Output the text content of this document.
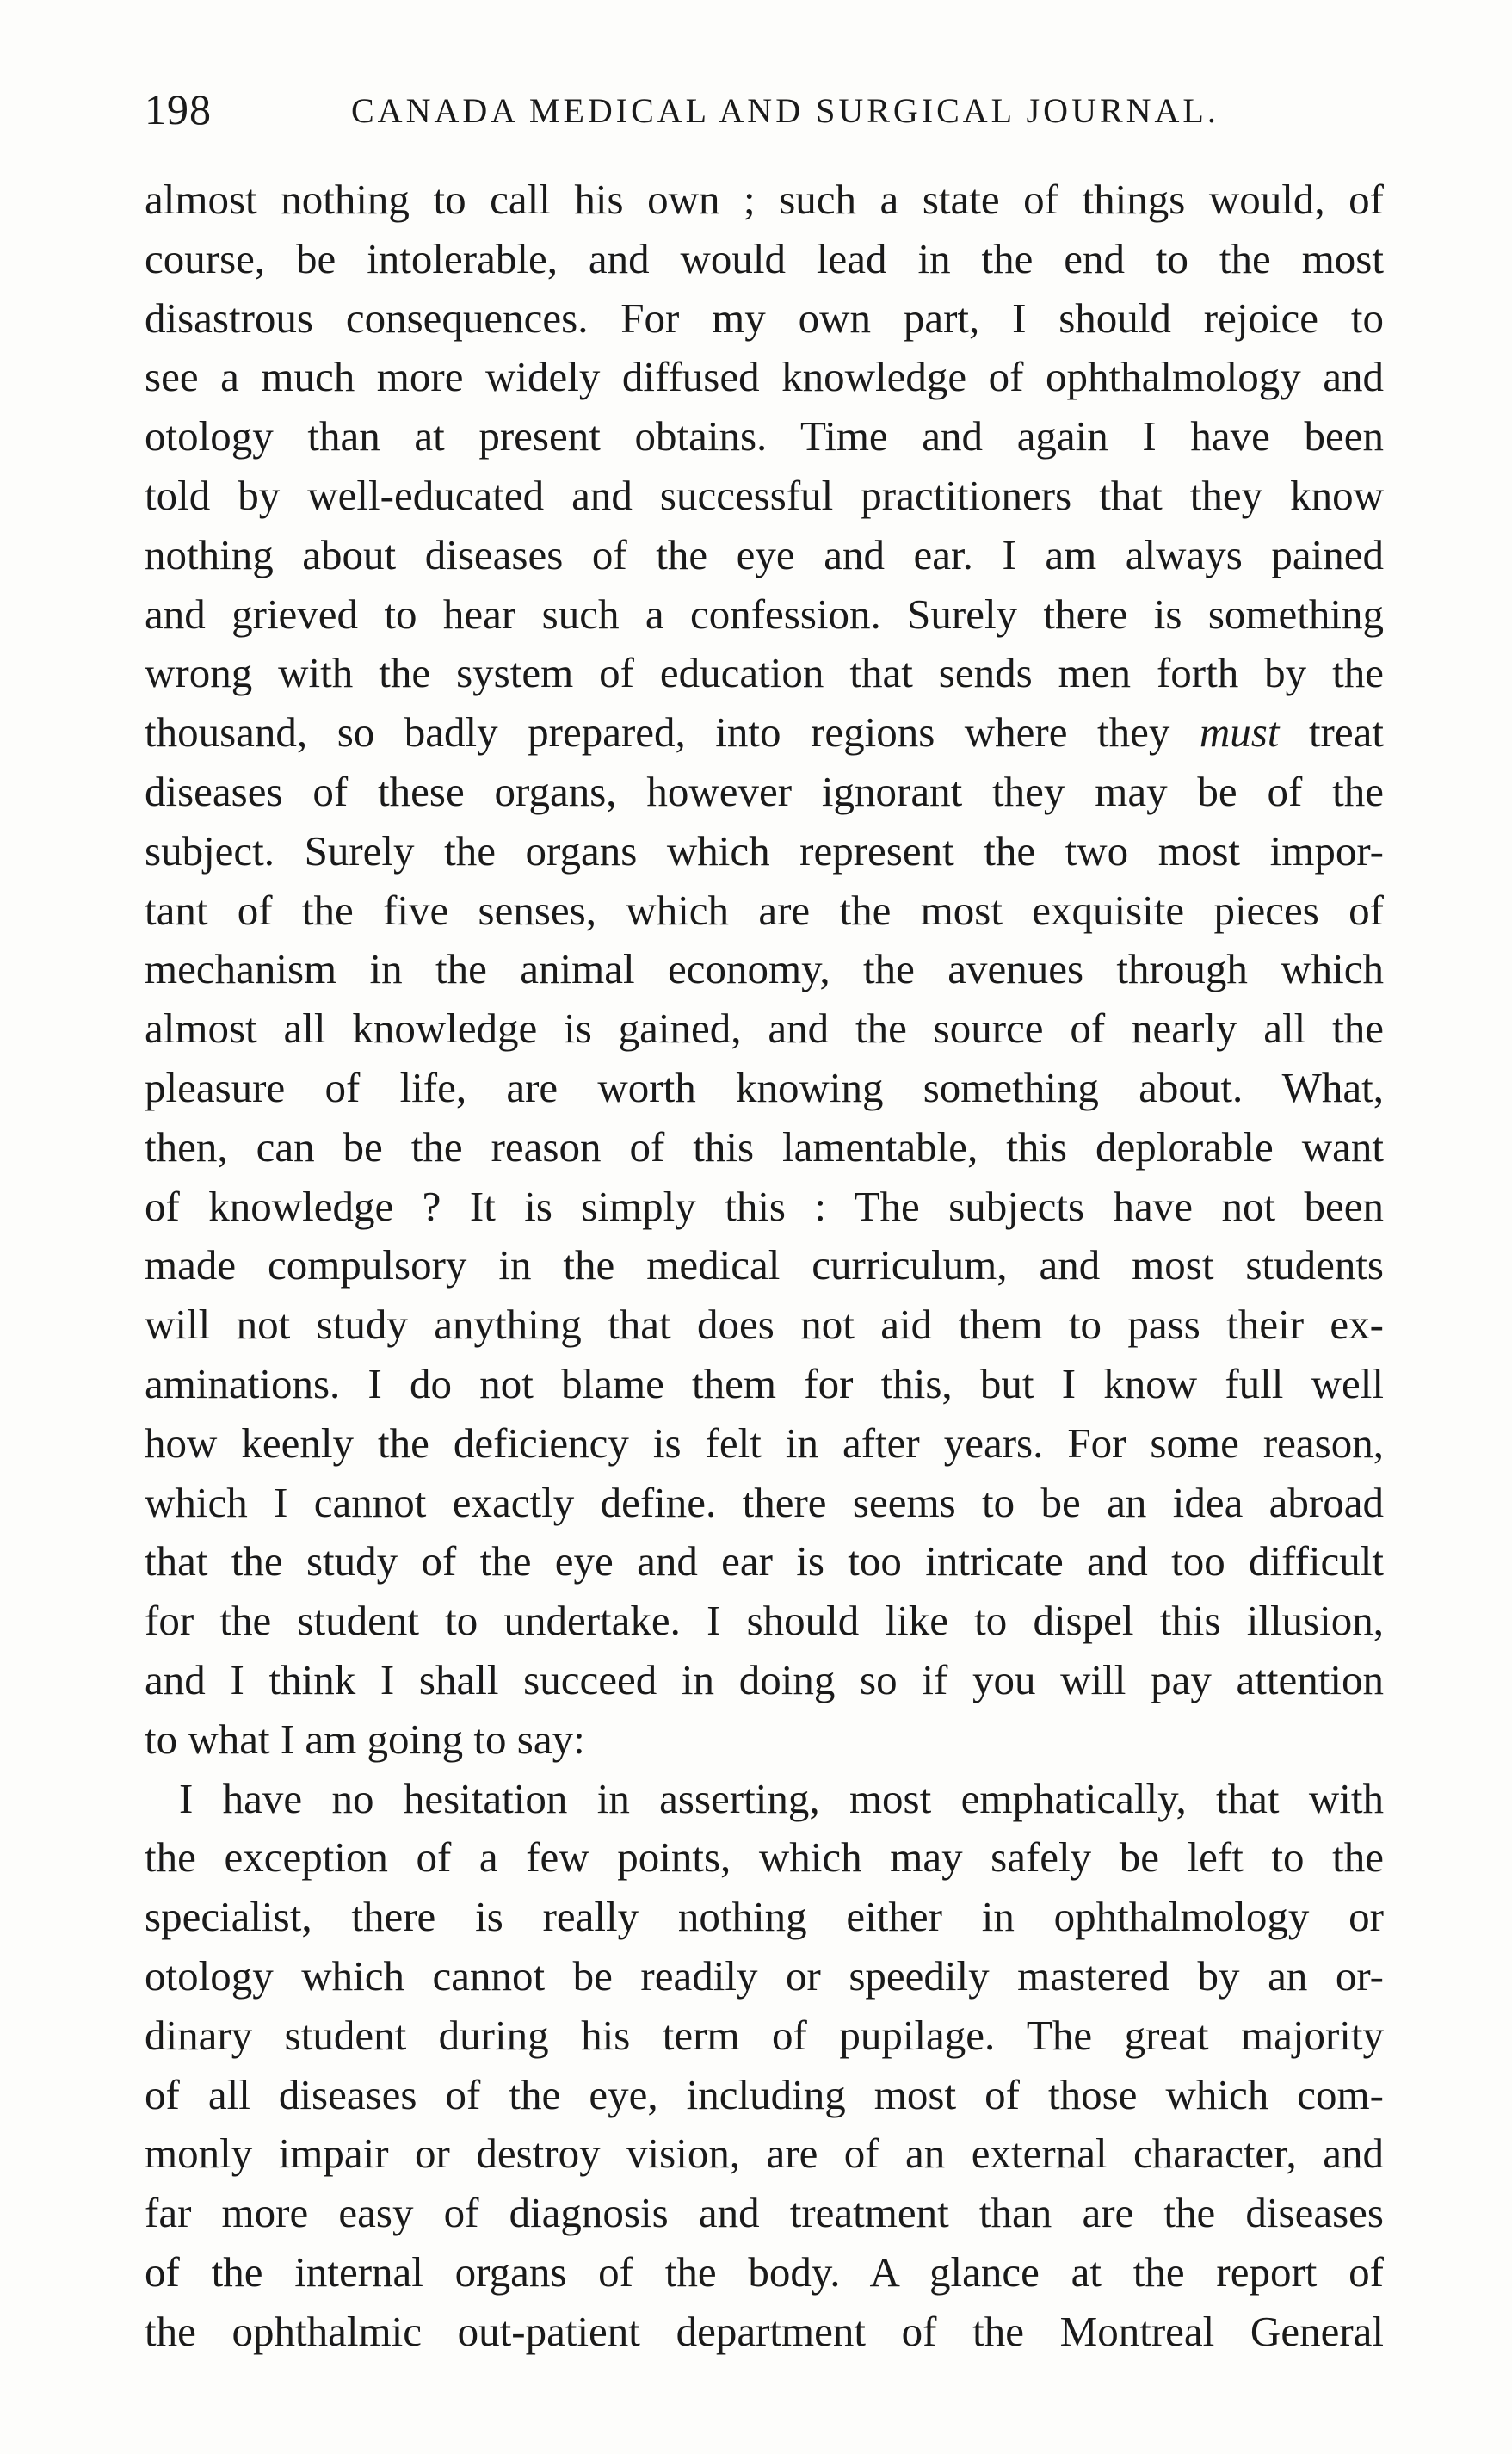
198	CANADA MEDICAL AND SURGICAL JOURNAL.
almost nothing to call his own ; such a state of things would, of
course, be intolerable, and would lead in the end to the most
disastrous consequences. For my own part, I should rejoice to
see a much more widely diffused knowledge of ophthalmology and
otology than at present obtains. Time and again I have been
told by well-educated and successful practitioners that they know
nothing about diseases of the eye and ear. I am always pained
and grieved to hear such a confession. Surely there is something
wrong with the system of education that sends men forth by the
thousand, so badly prepared, into regions where they must treat
diseases of these organs, however ignorant they may be of the
subject. Surely the organs which represent the two most impor-
tant of the five senses, which are the most exquisite pieces of
mechanism in the animal economy, the avenues through which
almost all knowledge is gained, and the source of nearly all the
pleasure of life, are worth knowing something about. What,
then, can be the reason of this lamentable, this deplorable want
of knowledge ? It is simply this : The subjects have not been
made compulsory in the medical curriculum, and most students
will not study anything that does not aid them to pass their ex-
aminations. I do not blame them for this, but I know full well
how keenly the deficiency is felt in after years. For some reason,
which I cannot exactly define. there seems to be an idea abroad
that the study of the eye and ear is too intricate and too difficult
for the student to undertake. I should like to dispel this illusion,
and I think I shall succeed in doing so if you will pay attention
to what I am going to say:
I have no hesitation in asserting, most emphatically, that with
the exception of a few points, which may safely be left to the
specialist, there is really nothing either in ophthalmology or
otology which cannot be readily or speedily mastered by an or-
dinary student during his term of pupilage. The great majority
of all diseases of the eye, including most of those which com-
monly impair or destroy vision, are of an external character, and
far more easy of diagnosis and treatment than are the diseases
of the internal organs of the body. A glance at the report of
the ophthalmic out-patient department of the Montreal General
